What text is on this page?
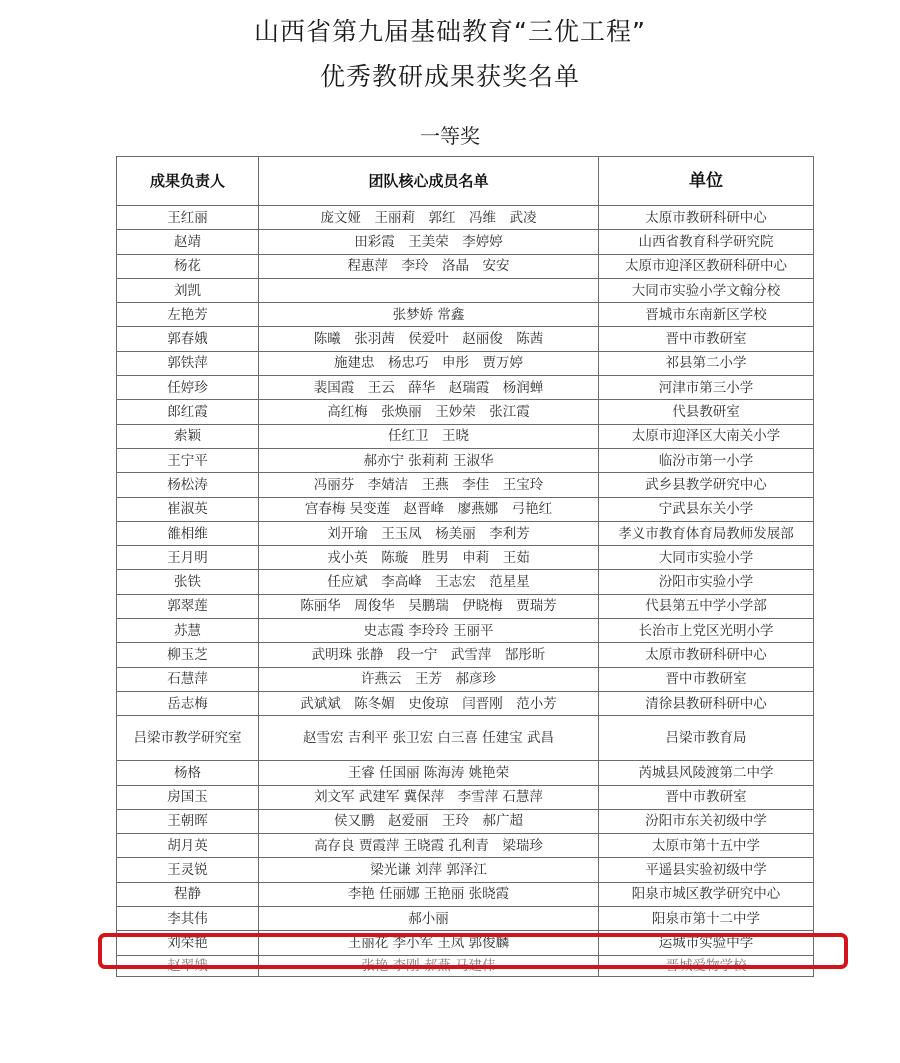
山西省第九届基础教育“三优工程”
优秀教研成果获奖名单
一等奖
成果负责人	团队核心成员名单	单位
王红丽	庞文娅　王丽莉　郭红　冯维　武凌	太原市教研科研中心
赵靖	田彩霞　王美荣　李婷婷	山西省教育科学研究院
杨花	程惠萍　李玲　洛晶　安安	太原市迎泽区教研科研中心
刘凯		大同市实验小学文翰分校
左艳芳	张梦娇 常鑫	晋城市东南新区学校
郭春娥	陈曦　张羽茜　侯爱叶　赵丽俊　陈茜	晋中市教研室
郭铁萍	施建忠　杨忠巧　申彤　贾万婷	祁县第二小学
任婷珍	裴国霞　王云　薛华　赵瑞霞　杨润蝉	河津市第三小学
郎红霞	高红梅　张焕丽　王妙荣　张江霞	代县教研室
索颖	任红卫　王晓	太原市迎泽区大南关小学
王宁平	郝亦宁 张莉莉 王淑华	临汾市第一小学
杨松涛	冯丽芬　李婧洁　王燕　李佳　王宝玲	武乡县教学研究中心
崔淑英	宫春梅 吴变莲　赵晋峰　廖燕娜　弓艳红	宁武县东关小学
雒相维	刘开瑜　王玉凤　杨美丽　李利芳	孝义市教育体育局教师发展部
王月明	戎小英　陈璇　胜男　申莉　王茹	大同市实验小学
张铁	任应斌　李高峰　王志宏　范星星	汾阳市实验小学
郭翠莲	陈丽华　周俊华　吴鹏瑞　伊晓梅　贾瑞芳	代县第五中学小学部
苏慧	史志霞 李玲玲 王丽平	长治市上党区光明小学
柳玉芝	武明珠 张静　段一宁　武雪萍　郜彤昕	太原市教研科研中心
石慧萍	许燕云　王芳　郝彦珍	晋中市教研室
岳志梅	武斌斌　陈冬媚　史俊琼　闫晋刚　范小芳	清徐县教研科研中心
吕梁市教学研究室	赵雪宏 吉利平 张卫宏 白三喜 任建宝 武昌	吕梁市教育局
杨格	王睿 任国丽 陈海涛 姚艳荣	芮城县风陵渡第二中学
房国玉	刘文军 武建军 冀保萍　李雪萍 石慧萍	晋中市教研室
王朝晖	侯又鹏　赵爱丽　王玲　郝广超	汾阳市东关初级中学
胡月英	高存良 贾霞萍 王晓霞 孔利青　梁瑞珍	太原市第十五中学
王灵锐	梁光谦 刘萍 郭泽江	平遥县实验初级中学
程静	李艳 任丽娜 王艳丽 张晓霞	阳泉市城区教学研究中心
李其伟	郝小丽	阳泉市第十二中学
刘荣艳	王丽花 李小军 王凤 郭俊麟	运城市实验中学
赵翠娥	张艳 李刚 郝燕 马建伟	晋城爱物学校
